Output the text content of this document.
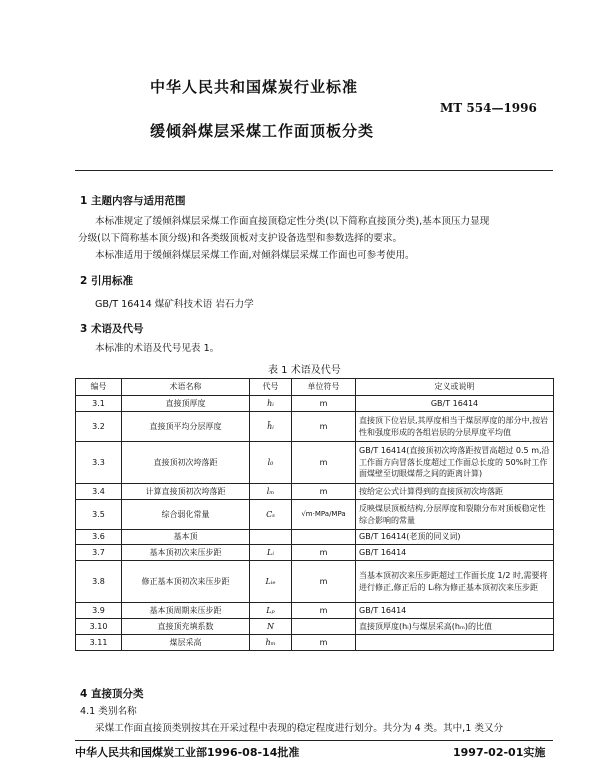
中华人民共和国煤炭行业标准
MT 554—1996
缓倾斜煤层采煤工作面顶板分类
1 主题内容与适用范围
本标准规定了缓倾斜煤层采煤工作面直接顶稳定性分类(以下简称直接顶分类),基本顶压力显现
分级(以下简称基本顶分级)和各类级顶板对支护设备选型和参数选择的要求。
本标准适用于缓倾斜煤层采煤工作面,对倾斜煤层采煤工作面也可参考使用。
2 引用标准
GB/T 16414 煤矿科技术语 岩石力学
3 术语及代号
本标准的术语及代号见表 1。
表 1 术语及代号
编号	术语名称	代号	单位符号	定义或说明
3.1	直接顶厚度	hᵢ	m	GB/T 16414
3.2	直接顶平均分层厚度	h̄ᵢ	m	直接顶下位岩层,其厚度相当于煤层厚度的部分中,按岩性和强度形成的各组岩层的分层厚度平均值
3.3	直接顶初次垮落距	l₀	m	GB/T 16414(直接顶初次垮落距按冒高超过 0.5 m,沿工作面方向冒落长度超过工作面总长度的 50%时工作面煤壁至切眼煤帮之间的距离计算)
3.4	计算直接顶初次垮落距	lₘ	m	按给定公式计算得到的直接顶初次垮落距
3.5	综合弱化常量	Cₛ	√m·MPa/MPa	反映煤层顶板结构,分层厚度和裂隙分布对顶板稳定性综合影响的常量
3.6	基本顶			GB/T 16414(老顶的同义词)
3.7	基本顶初次来压步距	Lᵢ	m	GB/T 16414
3.8	修正基本顶初次来压步距	Lᵢₑ	m	当基本顶初次来压步距超过工作面长度 1/2 时,需要将进行修正,修正后的 Lᵢ称为修正基本顶初次来压步距
3.9	基本顶周期来压步距	Lₚ	m	GB/T 16414
3.10	直接顶充填系数	N		直接顶厚度(hᵢ)与煤层采高(hₘ)的比值
3.11	煤层采高	hₘ	m	
4 直接顶分类
4.1 类别名称
采煤工作面直接顶类别按其在开采过程中表现的稳定程度进行划分。共分为 4 类。其中,1 类又分
中华人民共和国煤炭工业部1996-08-14批准	1997-02-01实施
